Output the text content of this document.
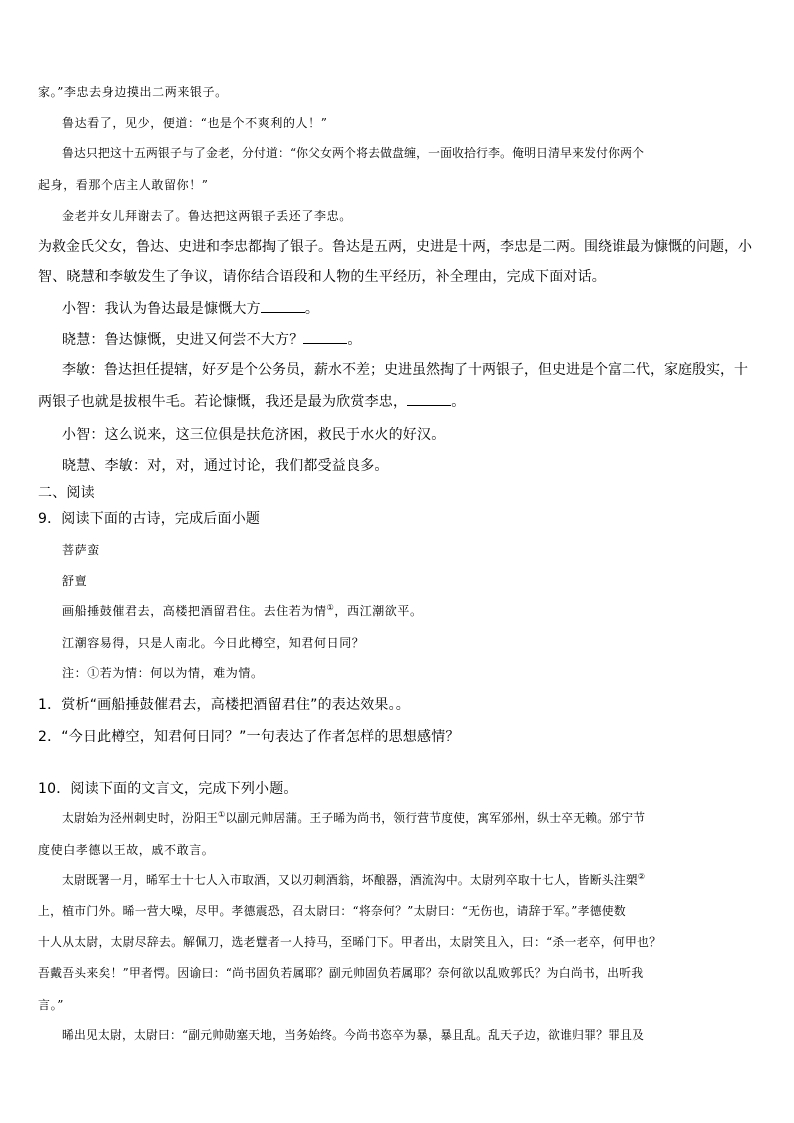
家。”李忠去身边摸出二两来银子。
鲁达看了，见少，便道：“也是个不爽利的人！”
鲁达只把这十五两银子与了金老，分付道：“你父女两个将去做盘缠，一面收拾行李。俺明日清早来发付你两个
起身，看那个店主人敢留你！”
金老并女儿拜谢去了。鲁达把这两银子丢还了李忠。
为救金氏父女，鲁达、史进和李忠都掏了银子。鲁达是五两，史进是十两，李忠是二两。围绕谁最为慷慨的问题，小
智、晓慧和李敏发生了争议，请你结合语段和人物的生平经历，补全理由，完成下面对话。
小智：我认为鲁达最是慷慨大方	。
晓慧：鲁达慷慨，史进又何尝不大方？	。
李敏：鲁达担任提辖，好歹是个公务员，薪水不差；史进虽然掏了十两银子，但史进是个富二代，家庭殷实，十
两银子也就是拔根牛毛。若论慷慨，我还是最为欣赏李忠，	。
小智：这么说来，这三位俱是扶危济困，救民于水火的好汉。
晓慧、李敏：对，对，通过讨论，我们都受益良多。
二、阅读
9．阅读下面的古诗，完成后面小题
菩萨蛮
舒亶
画船捶鼓催君去，高楼把酒留君住。去住若为情①，西江潮欲平。
江潮容易得，只是人南北。今日此樽空，知君何日同？
注：①若为情：何以为情，难为情。
1．赏析“画船捶鼓催君去，高楼把酒留君住”的表达效果。。
2．“今日此樽空，知君何日同？”一句表达了作者怎样的思想感情？
10．阅读下面的文言文，完成下列小题。
太尉始为泾州刺史时，汾阳王①以副元帅居蒲。王子晞为尚书，领行营节度使，寓军邠州，纵士卒无赖。邠宁节
度使白孝德以王故，戚不敢言。
太尉既署一月，晞军士十七人入市取酒，又以刃刺酒翁，坏酿器，酒流沟中。太尉列卒取十七人，皆断头注槊②
上，植市门外。晞一营大噪，尽甲。孝德震恐，召太尉曰：“将奈何？”太尉曰：“无伤也，请辞于军。”孝德使数
十人从太尉，太尉尽辞去。解佩刀，选老躄者一人持马，至晞门下。甲者出，太尉笑且入，曰：“杀一老卒，何甲也？
吾戴吾头来矣！”甲者愕。因谕曰：“尚书固负若属耶？副元帅固负若属耶？奈何欲以乱败郭氏？为白尚书，出听我
言。”
晞出见太尉，太尉曰：“副元帅勋塞天地，当务始终。今尚书恣卒为暴，暴且乱。乱天子边，欲谁归罪？罪且及
